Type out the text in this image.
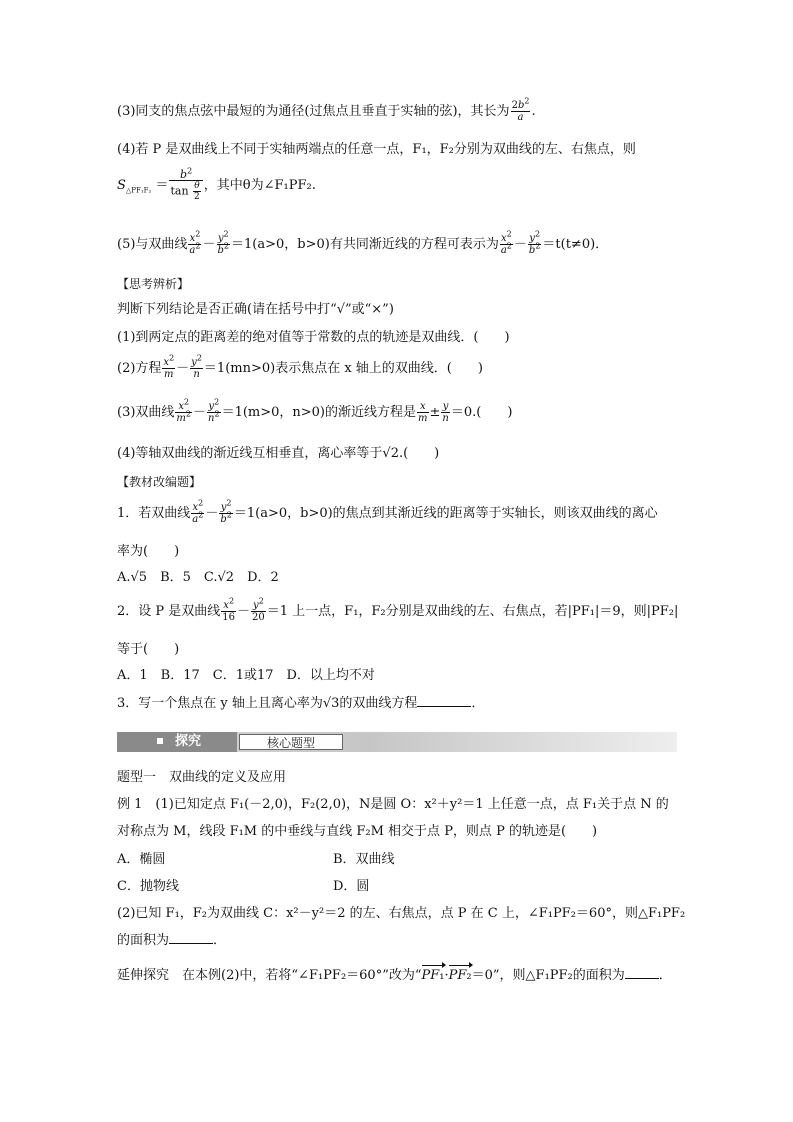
(3)同支的焦点弦中最短的为通径(过焦点且垂直于实轴的弦)，其长为 $\frac{2b^2}{a}$ .
(4)若 P 是双曲线上不同于实轴两端点的任意一点，F₁，F₂分别为双曲线的左、右焦点，则
$S_{\triangle PF_1F_2} = \frac{b^2}{\tan \frac{\theta}{2}}$ ，其中θ为∠F₁PF₂.
(5)与双曲线 $\frac{x^2}{a^2} - \frac{y^2}{b^2} =1(a>0$，b>0)有共同渐近线的方程可表示为 $\frac{x^2}{a^2} - \frac{y^2}{b^2} =t(t\ne 0)$．
【思考辨析】
判断下列结论是否正确(请在括号中打“√”或“×”)
(1)到两定点的距离差的绝对值等于常数的点的轨迹是双曲线．(　　)
(2)方程 $\frac{x^2}{m} - \frac{y^2}{n} =1(mn>0)$表示焦点在 x 轴上的双曲线．(　　)
(3)双曲线 $\frac{x^2}{m^2} - \frac{y^2}{n^2} =1(m>0$，n>0)的渐近线方程是 $\frac{x}{m} \pm \frac{y}{n} =0$.(　　)
(4)等轴双曲线的渐近线互相垂直，离心率等于√2.(　　)
【教材改编题】
1．若双曲线 $\frac{x^2}{a^2} - \frac{y^2}{b^2} =1(a>0$，b>0)的焦点到其渐近线的距离等于实轴长，则该双曲线的离心
率为(　　)
A.√5　B．5　C.√2　D．2
2．设 P 是双曲线 $\frac{x^2}{16} - \frac{y^2}{20} =1$ 上一点，F₁，F₂分别是双曲线的左、右焦点，若|PF₁|＝9，则|PF₂|
等于(　　)
A．1　B．17　C．1或17　D．以上均不对
3．写一个焦点在 y 轴上且离心率为√3的双曲线方程	．
探究	核心题型
题型一　双曲线的定义及应用
例 1　(1)已知定点 F₁(－2,0)，F₂(2,0)，N是圆 O：x²＋y²＝1 上任意一点，点 F₁关于点 N 的
对称点为 M，线段 F₁M 的中垂线与直线 F₂M 相交于点 P，则点 P 的轨迹是(　　)
A．椭圆	B．双曲线
C．抛物线	D．圆
(2)已知 F₁，F₂为双曲线 C：x²－y²＝2 的左、右焦点，点 P 在 C 上，∠F₁PF₂＝60°，则△F₁PF₂
的面积为	．
延伸探究　在本例(2)中，若将“∠F₁PF₂＝60°”改为“PF₁·PF₂＝0”，则△F₁PF₂的面积为	．
